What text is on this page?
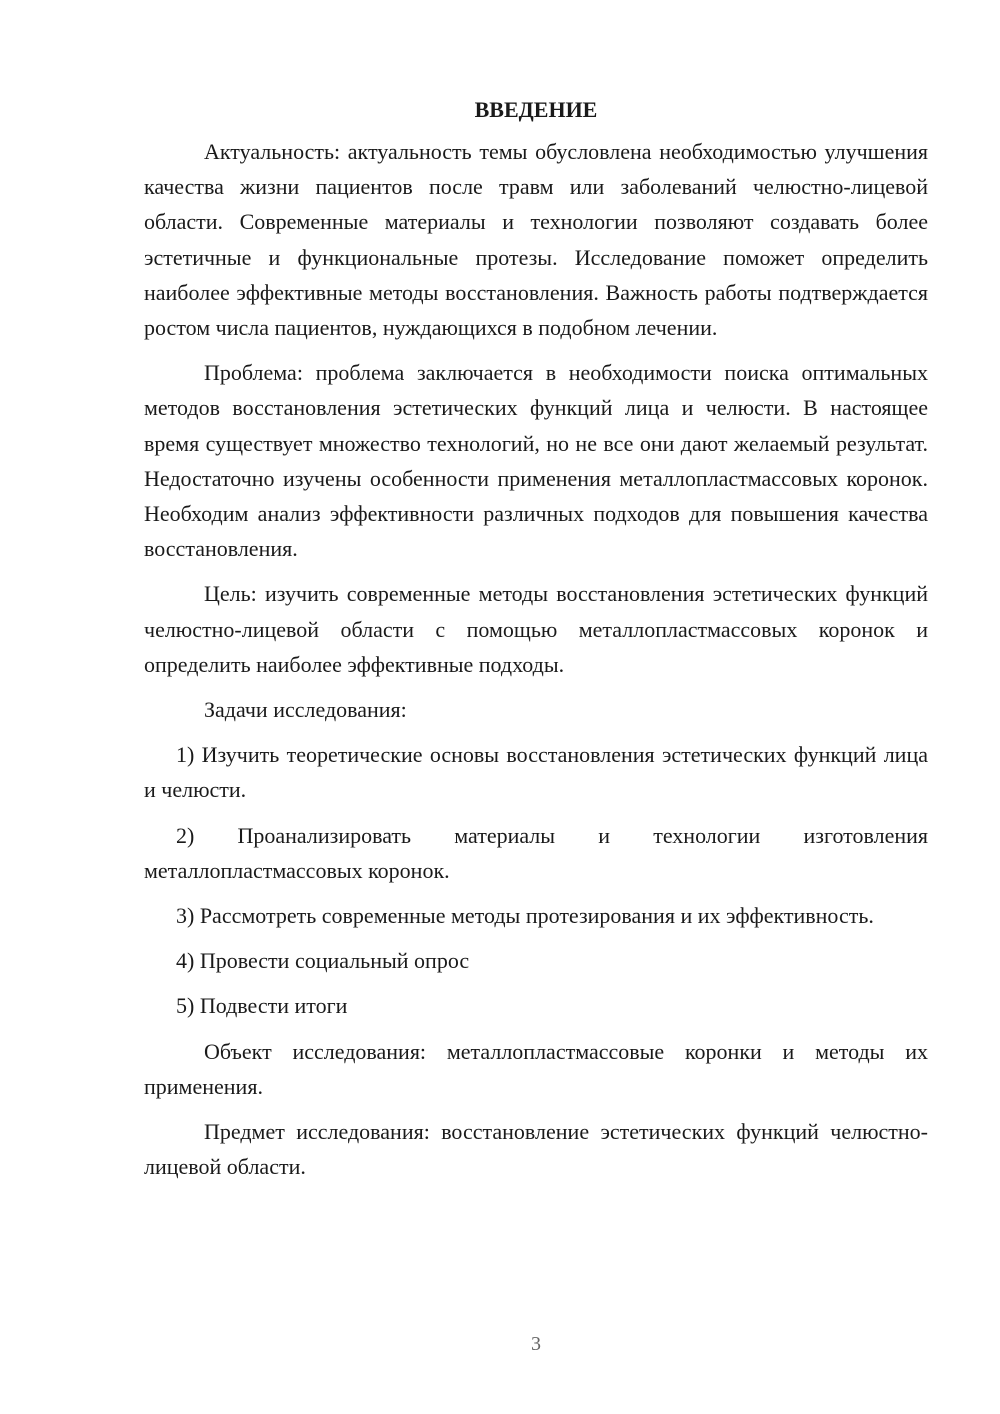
ВВЕДЕНИЕ

Актуальность: актуальность темы обусловлена необходимостью улучшения качества жизни пациентов после травм или заболеваний челюстно-лицевой области. Современные материалы и технологии позволяют создавать более эстетичные и функциональные протезы. Исследование поможет определить наиболее эффективные методы восстановления. Важность работы подтверждается ростом числа пациентов, нуждающихся в подобном лечении.

Проблема: проблема заключается в необходимости поиска оптимальных методов восстановления эстетических функций лица и челюсти. В настоящее время существует множество технологий, но не все они дают желаемый результат. Недостаточно изучены особенности применения металлопластмассовых коронок. Необходим анализ эффективности различных подходов для повышения качества восстановления.

Цель: изучить современные методы восстановления эстетических функций челюстно-лицевой области с помощью металлопластмассовых коронок и определить наиболее эффективные подходы.

Задачи исследования:

1) Изучить теоретические основы восстановления эстетических функций лица и челюсти.

2) Проанализировать материалы и технологии изготовления металлопластмассовых коронок.

3) Рассмотреть современные методы протезирования и их эффективность.

4) Провести социальный опрос

5) Подвести итоги

Объект исследования: металлопластмассовые коронки и методы их применения.

Предмет исследования: восстановление эстетических функций челюстно-лицевой области.

3
